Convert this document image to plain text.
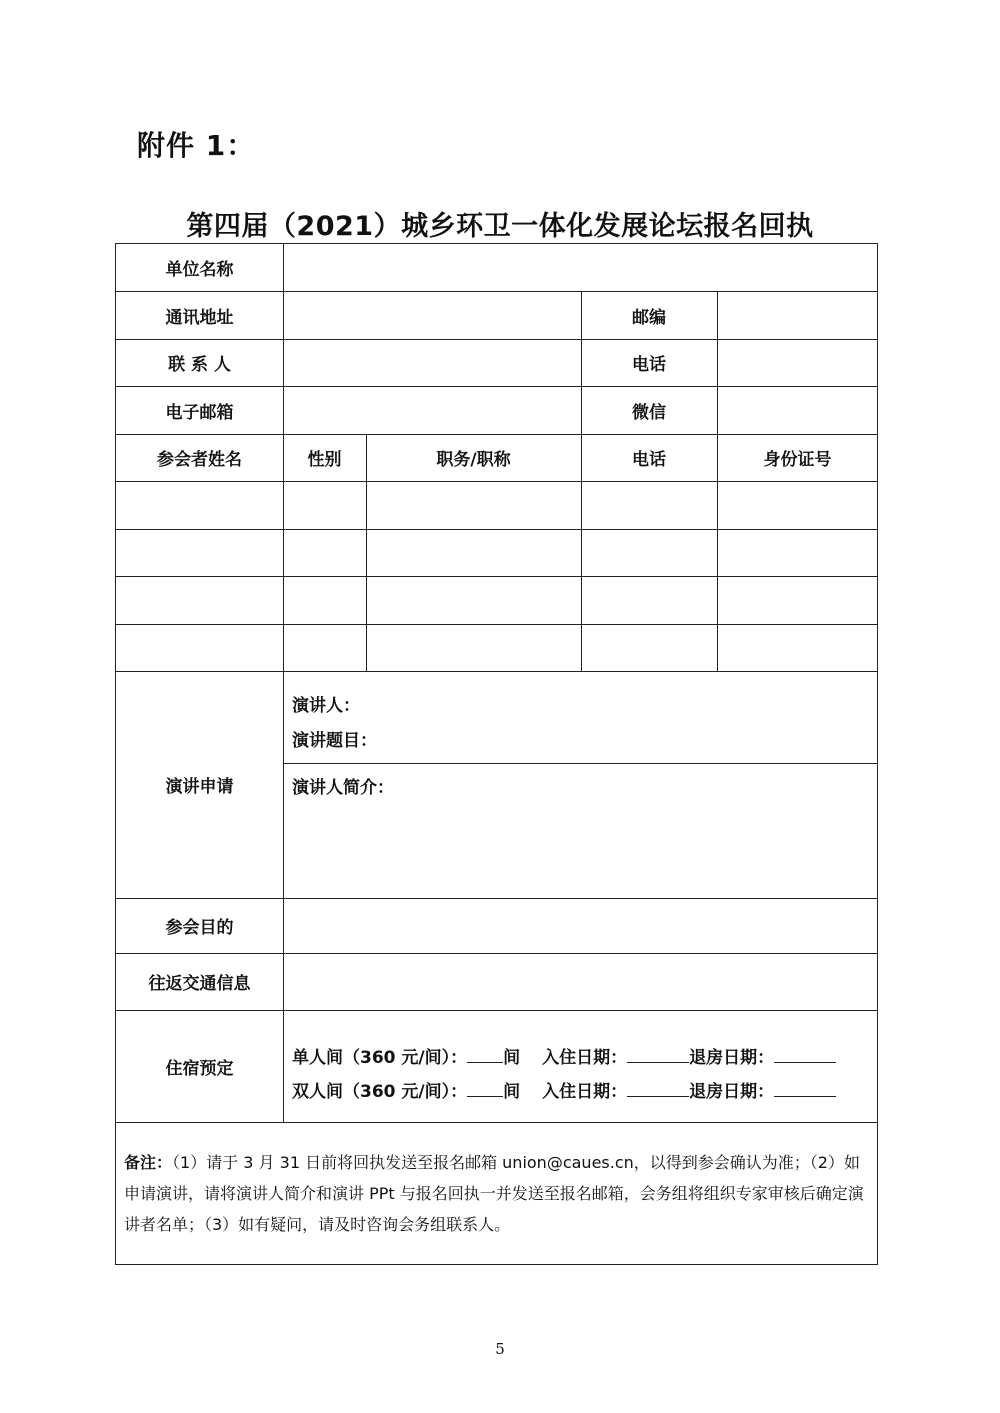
附件 1：
第四届（2021）城乡环卫一体化发展论坛报名回执
单位名称
通讯地址	邮编
联 系 人	电话
电子邮箱	微信
参会者姓名	性别	职务/职称	电话	身份证号
演讲申请
演讲人：
演讲题目：
演讲人简介：
参会目的
往返交通信息
住宿预定
单人间（360 元/间）： 间 入住日期：	退房日期：
双人间（360 元/间）： 间 入住日期：	退房日期：
备注：（1）请于 3 月 31 日前将回执发送至报名邮箱 union@caues.cn，以得到参会确认为准；（2）如申请演讲，请将演讲人简介和演讲 PPt 与报名回执一并发送至报名邮箱，会务组将组织专家审核后确定演讲者名单；（3）如有疑问，请及时咨询会务组联系人。
5
